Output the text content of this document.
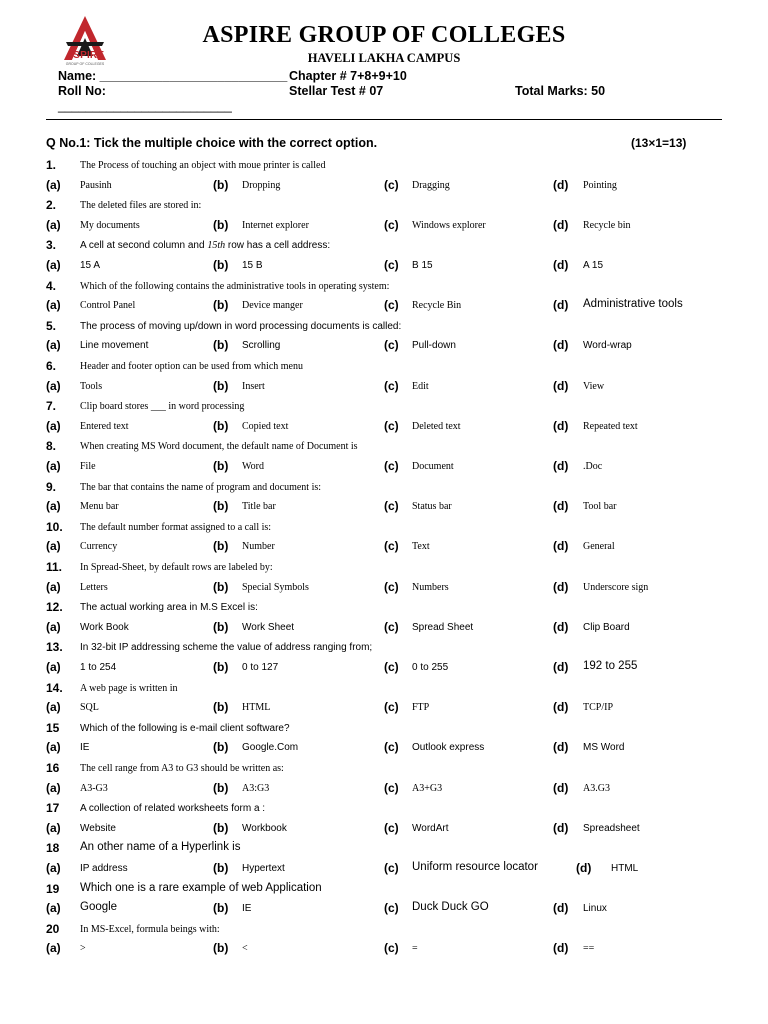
ASPIRE
GROUP OF COLLEGES
ASPIRE GROUP OF COLLEGES
HAVELI LAKHA CAMPUS
Name: ___________________________ Chapter # 7+8+9+10
Roll No:	Stellar Test # 07	Total Marks: 50
_________________________
Q No.1: Tick the multiple choice with the correct option.	(13×1=13)
1. The Process of touching an object with moue printer is called
(a) Pausinh	(b) Dropping	(c) Dragging	(d) Pointing
2. The deleted files are stored in:
(a) My documents	(b) Internet explorer	(c) Windows explorer	(d) Recycle bin
3. A cell at second column and 15th row has a cell address:
(a) 15 A	(b) 15 B	(c) B 15	(d) A 15
4. Which of the following contains the administrative tools in operating system:
(a) Control Panel	(b) Device manger	(c) Recycle Bin	(d) Administrative tools
5. The process of moving up/down in word processing documents is called:
(a) Line movement	(b) Scrolling	(c) Pull-down	(d) Word-wrap
6. Header and footer option can be used from which menu
(a) Tools	(b) Insert	(c) Edit	(d) View
7. Clip board stores ___ in word processing
(a) Entered text	(b) Copied text	(c) Deleted text	(d) Repeated text
8. When creating MS Word document, the default name of Document is
(a) File	(b) Word	(c) Document	(d) .Doc
9. The bar that contains the name of program and document is:
(a) Menu bar	(b) Title bar	(c) Status bar	(d) Tool bar
10. The default number format assigned to a call is:
(a) Currency	(b) Number	(c) Text	(d) General
11. In Spread-Sheet, by default rows are labeled by:
(a) Letters	(b) Special Symbols	(c) Numbers	(d) Underscore sign
12. The actual working area in M.S Excel is:
(a) Work Book	(b) Work Sheet	(c) Spread Sheet	(d) Clip Board
13. In 32-bit IP addressing scheme the value of address ranging from;
(a) 1 to 254	(b) 0 to 127	(c) 0 to 255	(d) 192 to 255
14. A web page is written in
(a) SQL	(b) HTML	(c) FTP	(d) TCP/IP
15 Which of the following is e-mail client software?
(a) IE	(b) Google.Com	(c) Outlook express	(d) MS Word
16 The cell range from A3 to G3 should be written as:
(a) A3-G3	(b) A3:G3	(c) A3+G3	(d) A3.G3
17 A collection of related worksheets form a :
(a) Website	(b) Workbook	(c) WordArt	(d) Spreadsheet
18 An other name of a Hyperlink is
(a) IP address	(b) Hypertext	(c) Uniform resource locator	(d) HTML
19 Which one is a rare example of web Application
(a) Google	(b) IE	(c) Duck Duck GO	(d) Linux
20 In MS-Excel, formula beings with:
(a) >	(b) <	(c) =	(d) ==
